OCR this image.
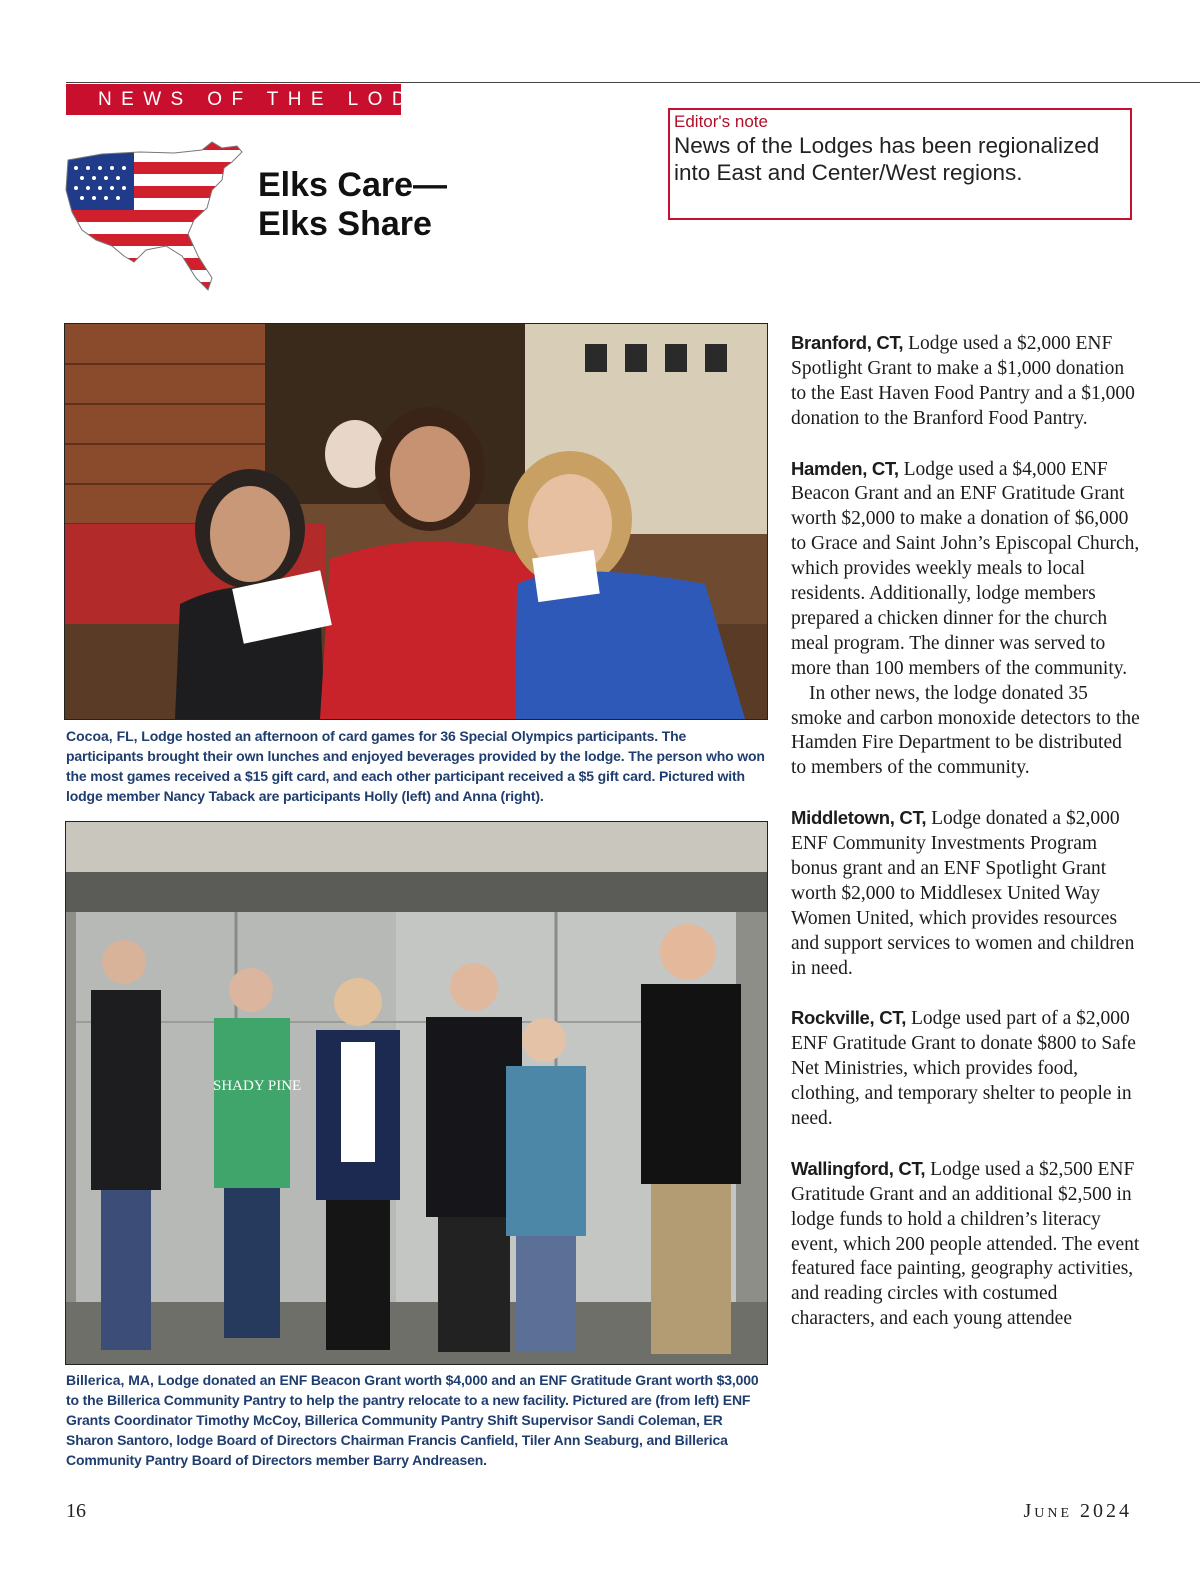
NEWS OF THE LODGES
Elks Care—
Elks Share
Editor's note
News of the Lodges has been regionalized into East and Center/West regions.
Cocoa, FL, Lodge hosted an afternoon of card games for 36 Special Olympics participants. The participants brought their own lunches and enjoyed beverages provided by the lodge. The person who won the most games received a $15 gift card, and each other participant received a $5 gift card. Pictured with lodge member Nancy Taback are participants Holly (left) and Anna (right).
SHADY PINE
Billerica, MA, Lodge donated an ENF Beacon Grant worth $4,000 and an ENF Gratitude Grant worth $3,000 to the Billerica Community Pantry to help the pantry relocate to a new facility. Pictured are (from left) ENF Grants Coordinator Timothy McCoy, Billerica Community Pantry Shift Supervisor Sandi Coleman, ER Sharon Santoro, lodge Board of Directors Chairman Francis Canfield, Tiler Ann Seaburg, and Billerica Community Pantry Board of Directors member Barry Andreasen.

Branford, CT, Lodge used a $2,000 ENF Spotlight Grant to make a $1,000 donation to the East Haven Food Pantry and a $1,000 donation to the Branford Food Pantry.

Hamden, CT, Lodge used a $4,000 ENF Beacon Grant and an ENF Gratitude Grant worth $2,000 to make a donation of $6,000 to Grace and Saint John’s Episcopal Church, which provides weekly meals to local residents. Additionally, lodge members prepared a chicken dinner for the church meal program. The dinner was served to more than 100 members of the community.

In other news, the lodge donated 35 smoke and carbon monoxide detectors to the Hamden Fire Department to be distributed to members of the community.

Middletown, CT, Lodge donated a $2,000 ENF Community Investments Program bonus grant and an ENF Spotlight Grant worth $2,000 to Middlesex United Way Women United, which provides resources and support services to women and children in need.

Rockville, CT, Lodge used part of a $2,000 ENF Gratitude Grant to donate $800 to Safe Net Ministries, which provides food, clothing, and temporary shelter to people in need.

Wallingford, CT, Lodge used a $2,500 ENF Gratitude Grant and an additional $2,500 in lodge funds to hold a children’s literacy event, which 200 people attended. The event featured face painting, geography activities, and reading circles with costumed characters, and each young attendee

16	June 2024
